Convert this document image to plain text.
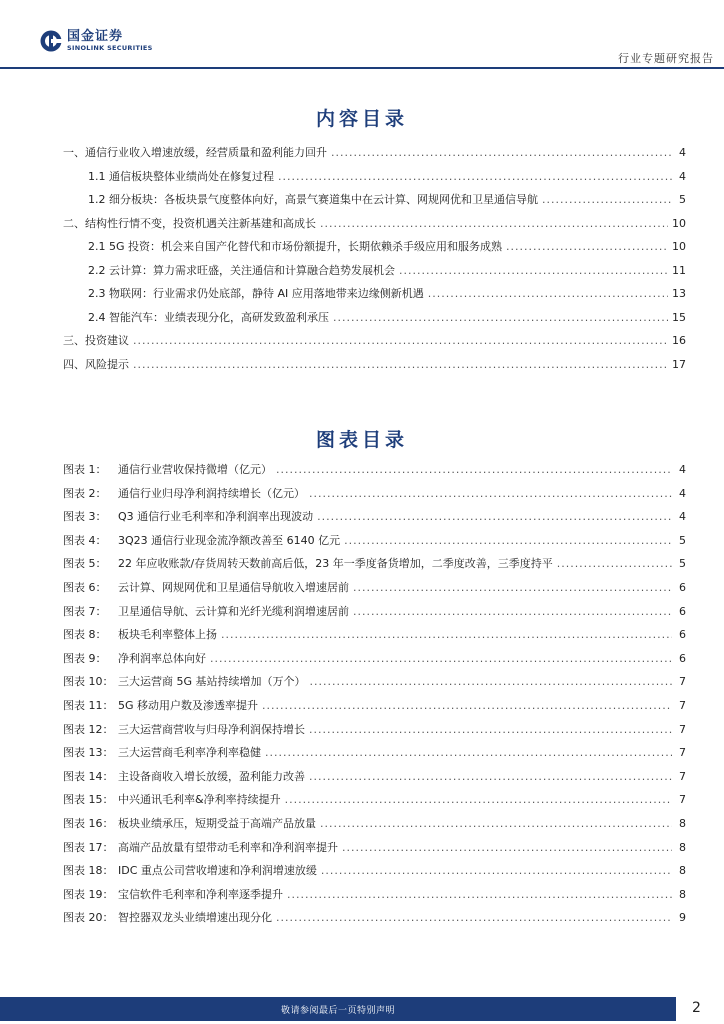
国金证券
SINOLINK SECURITIES
行业专题研究报告
内容目录
一、通信行业收入增速放缓，经营质量和盈利能力回升 .....	4
1.1 通信板块整体业绩尚处在修复过程 .....	4
1.2 细分板块：各板块景气度整体向好，高景气赛道集中在云计算、网规网优和卫星通信导航 .....	5
二、结构性行情不变，投资机遇关注新基建和高成长 .....	10
2.1 5G 投资：机会来自国产化替代和市场份额提升，长期依赖杀手级应用和服务成熟 .....	10
2.2 云计算：算力需求旺盛，关注通信和计算融合趋势发展机会 .....	11
2.3 物联网：行业需求仍处底部，静待 AI 应用落地带来边缘侧新机遇 .....	13
2.4 智能汽车：业绩表现分化，高研发致盈利承压 .....	15
三、投资建议 .....	16
四、风险提示 .....	17
图表目录
图表 1：	通信行业营收保持微增（亿元） .....	4
图表 2：	通信行业归母净利润持续增长（亿元） .....	4
图表 3：	Q3 通信行业毛利率和净利润率出现波动 .....	4
图表 4：	3Q23 通信行业现金流净额改善至 6140 亿元 .....	5
图表 5：	22 年应收账款/存货周转天数前高后低，23 年一季度备货增加，二季度改善，三季度持平 .....	5
图表 6：	云计算、网规网优和卫星通信导航收入增速居前 .....	6
图表 7：	卫星通信导航、云计算和光纤光缆利润增速居前 .....	6
图表 8：	板块毛利率整体上扬 .....	6
图表 9：	净利润率总体向好 .....	6
图表 10： 三大运营商 5G 基站持续增加（万个） .....	7
图表 11： 5G 移动用户数及渗透率提升 .....	7
图表 12： 三大运营商营收与归母净利润保持增长 .....	7
图表 13： 三大运营商毛利率净利率稳健 .....	7
图表 14： 主设备商收入增长放缓，盈利能力改善 .....	7
图表 15： 中兴通讯毛利率&净利率持续提升 .....	7
图表 16： 板块业绩承压，短期受益于高端产品放量 .....	8
图表 17： 高端产品放量有望带动毛利率和净利润率提升 .....	8
图表 18： IDC 重点公司营收增速和净利润增速放缓 .....	8
图表 19： 宝信软件毛利率和净利率逐季提升 .....	8
图表 20： 智控器双龙头业绩增速出现分化 .....	9
敬请参阅最后一页特别声明	2
